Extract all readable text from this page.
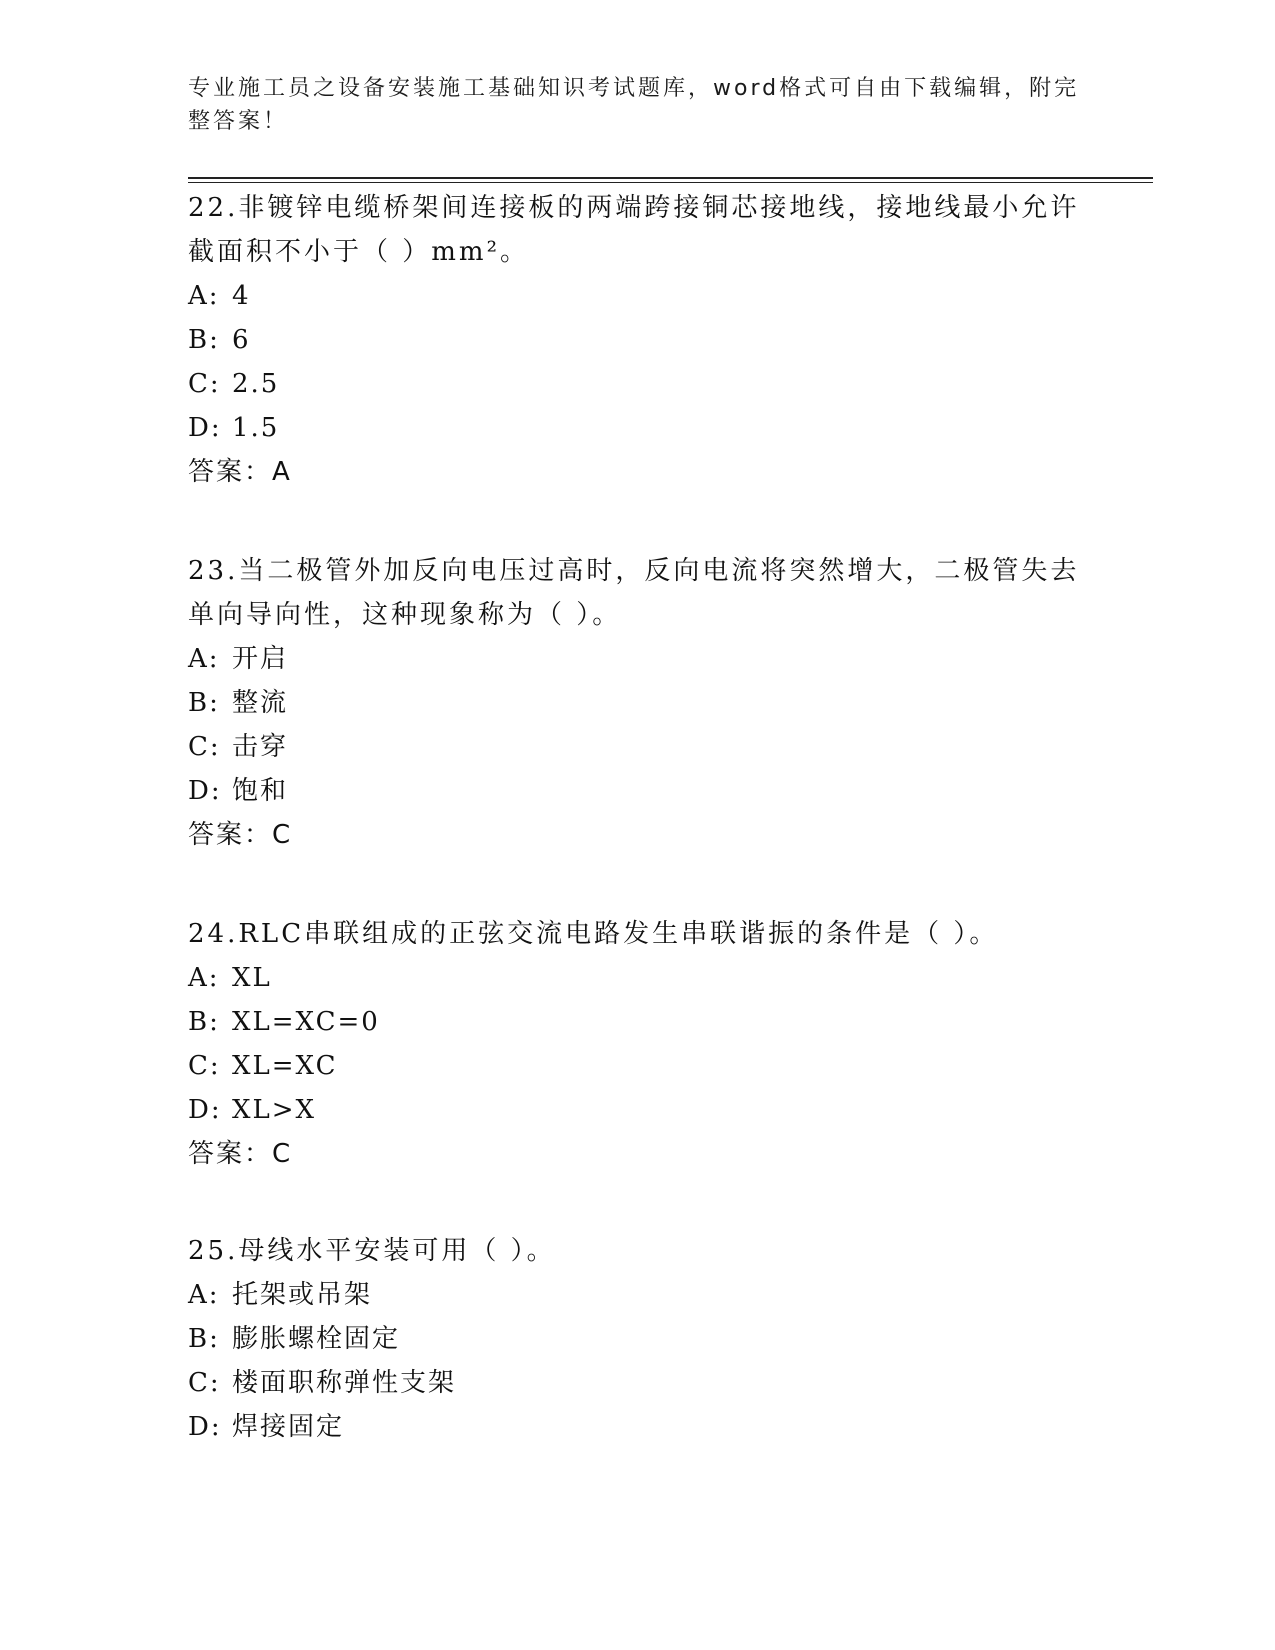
专业施工员之设备安装施工基础知识考试题库，word格式可自由下载编辑，附完
整答案！
22.非镀锌电缆桥架间连接板的两端跨接铜芯接地线，接地线最小允许
截面积不小于（ ）mm²。
A: 4
B: 6
C: 2.5
D: 1.5
答案：A
23.当二极管外加反向电压过高时，反向电流将突然增大，二极管失去
单向导向性，这种现象称为（ ）。
A: 开启
B: 整流
C: 击穿
D: 饱和
答案：C
24.RLC串联组成的正弦交流电路发生串联谐振的条件是（ ）。
A: XL
B: XL=XC=0
C: XL=XC
D: XL>X
答案：C
25.母线水平安装可用（ ）。
A: 托架或吊架
B: 膨胀螺栓固定
C: 楼面职称弹性支架
D: 焊接固定
